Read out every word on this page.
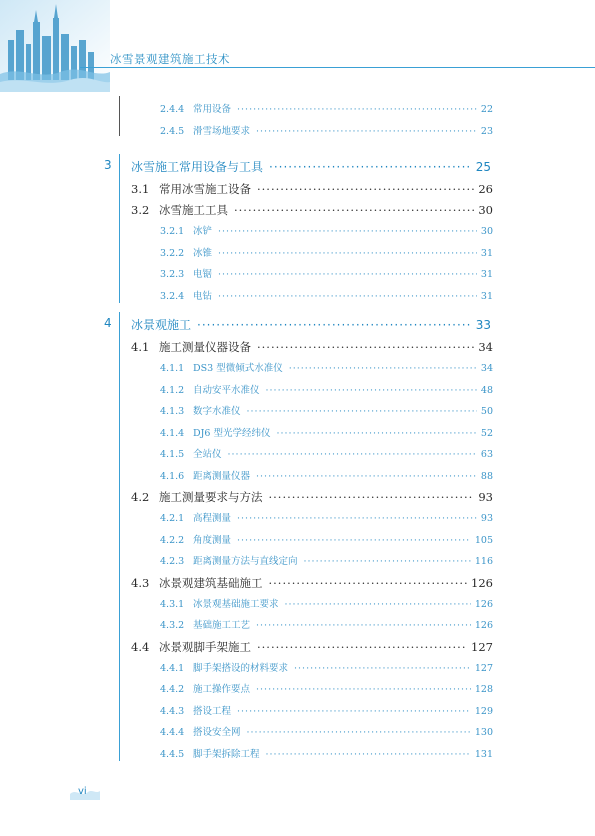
冰雪景观建筑施工技术
2.4.4 常用设备 ·····	22
2.4.5 滑雪场地要求 ·····	23
3 冰雪施工常用设备与工具 ·····	25
3.1 常用冰雪施工设备 ·····	26
3.2 冰雪施工工具 ·····	30
3.2.1 冰铲 ·····	30
3.2.2 冰锥 ·····	31
3.2.3 电锯 ·····	31
3.2.4 电钻 ·····	31
4 冰景观施工 ·····	33
4.1 施工测量仪器设备 ·····	34
4.1.1 DS3 型微倾式水准仪 ·····	34
4.1.2 自动安平水准仪 ·····	48
4.1.3 数字水准仪 ·····	50
4.1.4 DJ6 型光学经纬仪 ·····	52
4.1.5 全站仪 ·····	63
4.1.6 距离测量仪器 ·····	88
4.2 施工测量要求与方法 ·····	93
4.2.1 高程测量 ·····	93
4.2.2 角度测量 ·····	105
4.2.3 距离测量方法与直线定向 ·····	116
4.3 冰景观建筑基础施工 ·····	126
4.3.1 冰景观基础施工要求 ·····	126
4.3.2 基础施工工艺 ·····	126
4.4 冰景观脚手架施工 ·····	127
4.4.1 脚手架搭设的材料要求 ·····	127
4.4.2 施工操作要点 ·····	128
4.4.3 搭设工程 ·····	129
4.4.4 搭设安全网 ·····	130
4.4.5 脚手架拆除工程 ·····	131
vi
